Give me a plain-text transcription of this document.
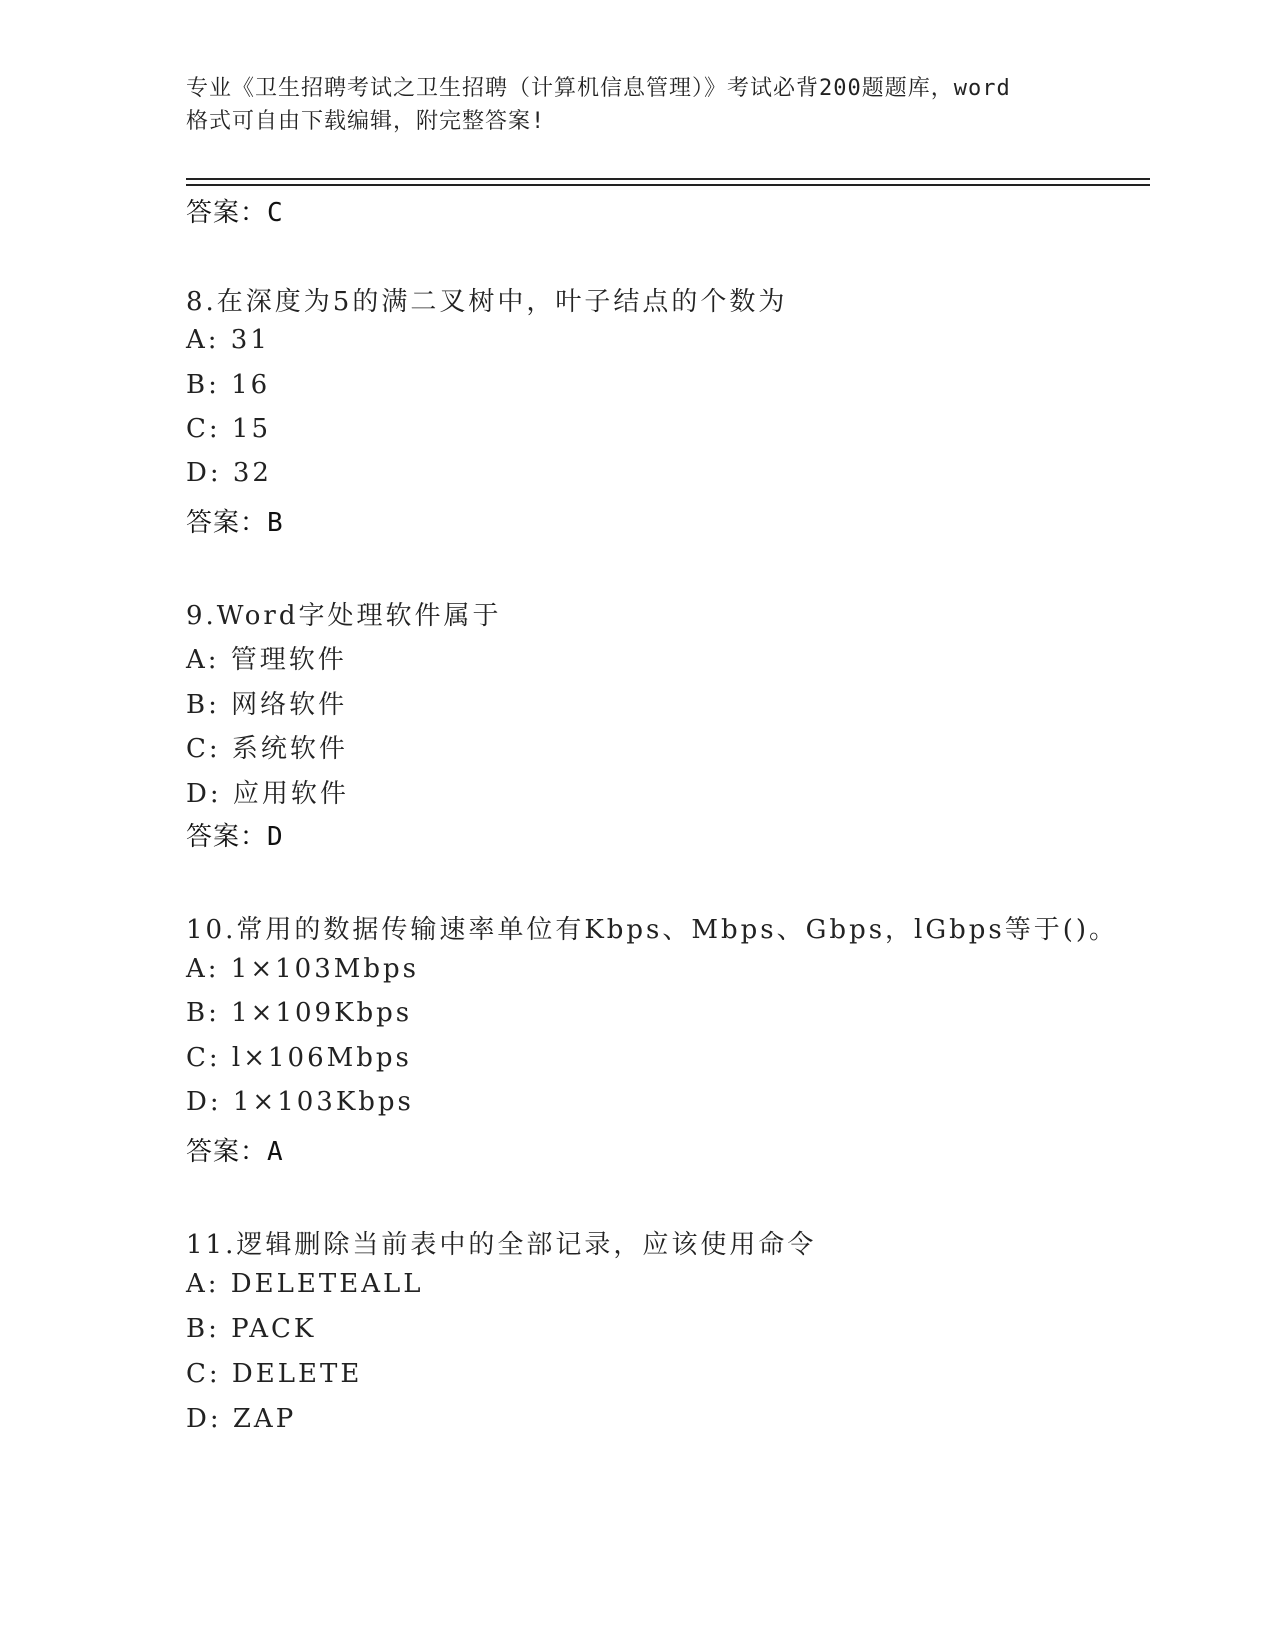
专业《卫生招聘考试之卫生招聘（计算机信息管理）》考试必背200题题库，word
格式可自由下载编辑，附完整答案!
答案：C
8.在深度为5的满二叉树中，叶子结点的个数为
A: 31
B: 16
C: 15
D: 32
答案：B
9.Word字处理软件属于
A: 管理软件
B: 网络软件
C: 系统软件
D: 应用软件
答案：D
10.常用的数据传输速率单位有Kbps、Mbps、Gbps，lGbps等于()。
A: 1×103Mbps
B: 1×109Kbps
C: l×106Mbps
D: 1×103Kbps
答案：A
11.逻辑删除当前表中的全部记录，应该使用命令
A: DELETEALL
B: PACK
C: DELETE
D: ZAP
